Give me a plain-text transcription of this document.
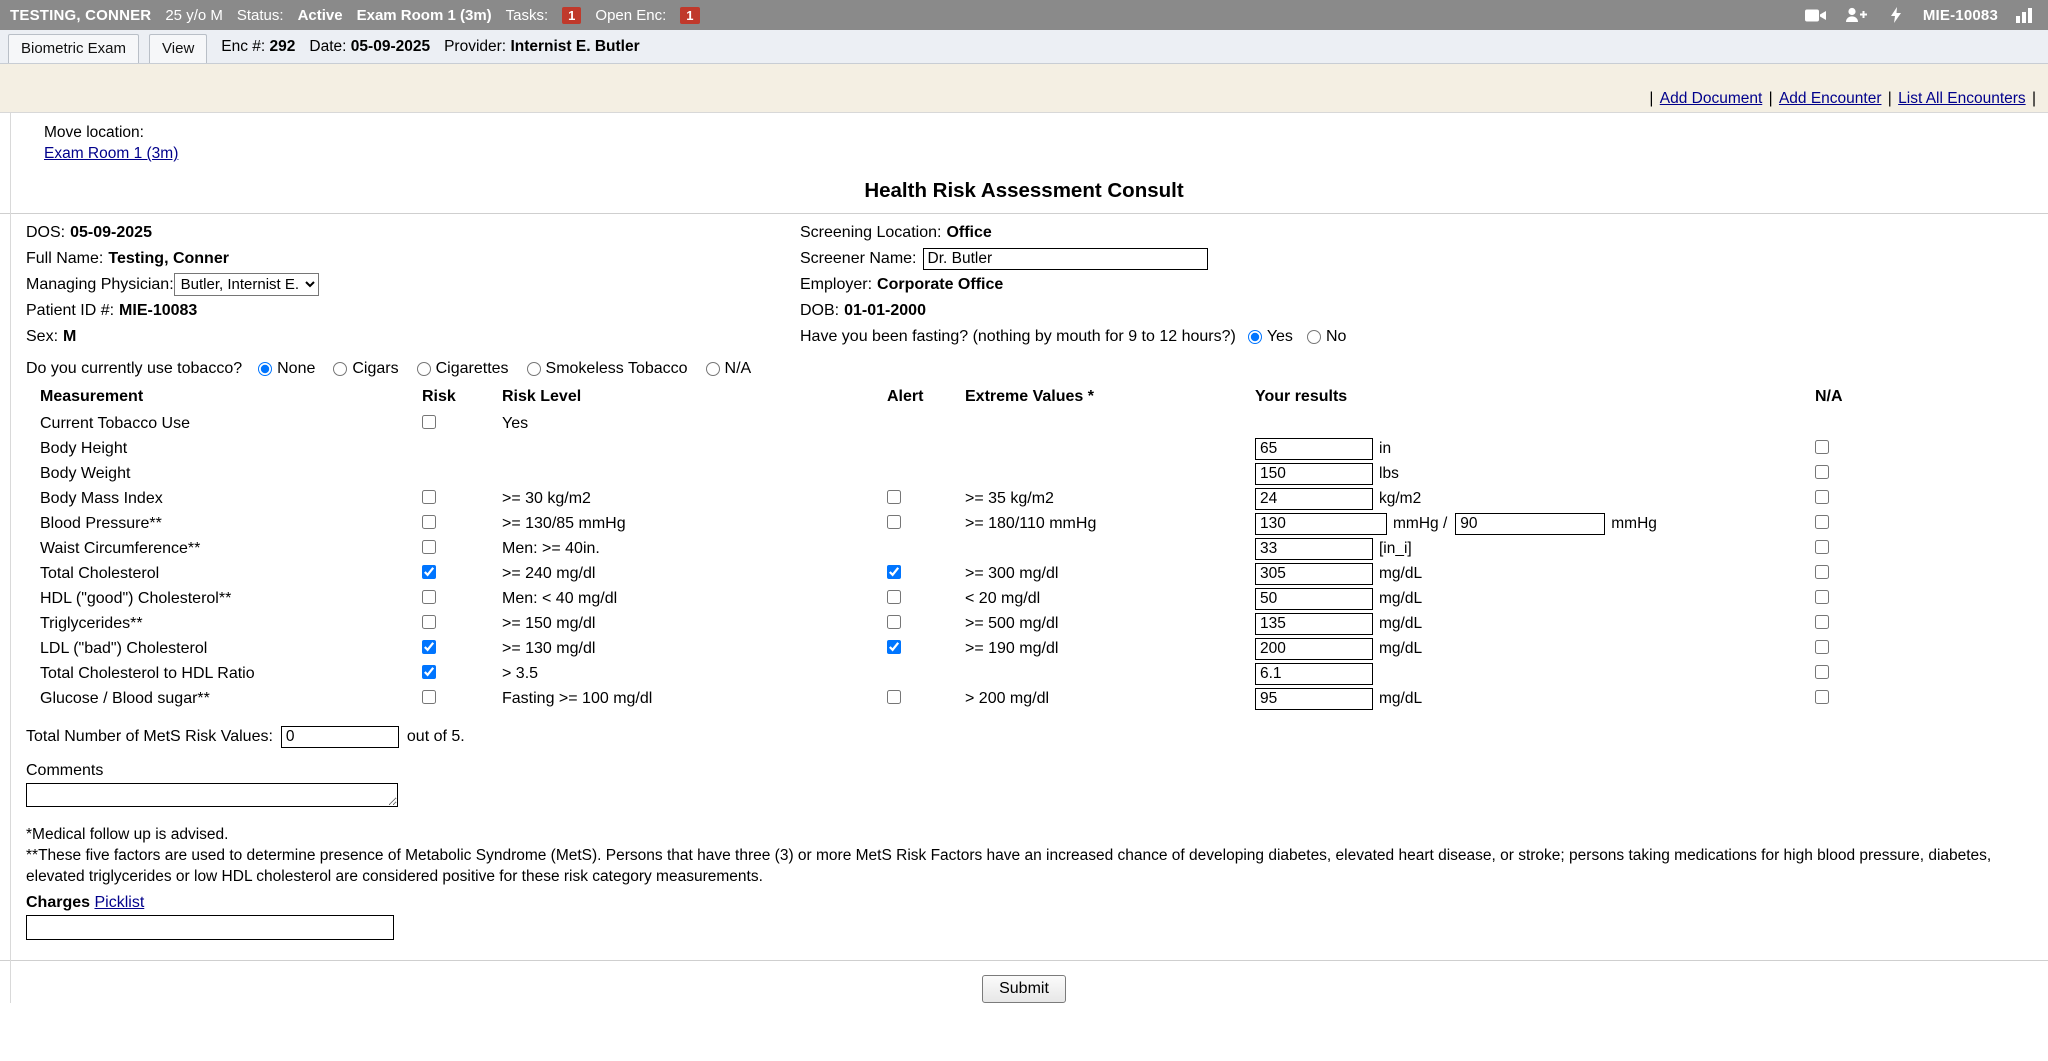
TESTING, CONNER 25 y/o M Status: Active Exam Room 1 (3m) Tasks:	1	Open Enc:	1	MIE-10083
Biometric Exam	View	Enc #: 292 Date: 05-09-2025 Provider: Internist E. Butler
| Add Document | Add Encounter | List All Encounters |
Move location:
Exam Room 1 (3m)
Health Risk Assessment Consult
DOS: 05-09-2025
Full Name: Testing, Conner
Managing Physician:
Butler, Internist E.
Patient ID #: MIE-10083
Sex: M
Screening Location: Office
Screener Name:
Dr. Butler
Employer: Corporate Office
DOB: 01-01-2000
Have you been fasting? (nothing by mouth for 9 to 12 hours?) Yes No
Do you currently use tobacco? None Cigars Cigarettes Smokeless Tobacco N/A
Measurement	Risk	Risk Level	Alert	Extreme Values *	Your results	N/A
Current Tobacco Use		Yes				
Body Height					65in	
Body Weight					150lbs	
Body Mass Index		>= 30 kg/m2		>= 35 kg/m2	24kg/m2	
Blood Pressure**		>= 130/85 mmHg		>= 180/110 mmHg	130mmHg /90 mmHg	
Waist Circumference**		Men: >= 40in.			33[in_i]	
Total Cholesterol		>= 240 mg/dl		>= 300 mg/dl	305mg/dL	
HDL ("good") Cholesterol**		Men: < 40 mg/dl		< 20 mg/dl	50mg/dL	
Triglycerides**		>= 150 mg/dl		>= 500 mg/dl	135mg/dL	
LDL ("bad") Cholesterol		>= 130 mg/dl		>= 190 mg/dl	200mg/dL	
Total Cholesterol to HDL Ratio		> 3.5			6.1	
Glucose / Blood sugar**		Fasting >= 100 mg/dl		> 200 mg/dl	95mg/dL	
Total Number of MetS Risk Values:
0	out of 5.
Comments
*Medical follow up is advised.
**These five factors are used to determine presence of Metabolic Syndrome (MetS). Persons that have three (3) or more MetS Risk Factors have an increased chance of developing diabetes, elevated heart disease, or stroke; persons taking medications for high blood pressure, diabetes, elevated triglycerides or low HDL cholesterol are considered positive for these risk category measurements.
Charges Picklist
Submit
